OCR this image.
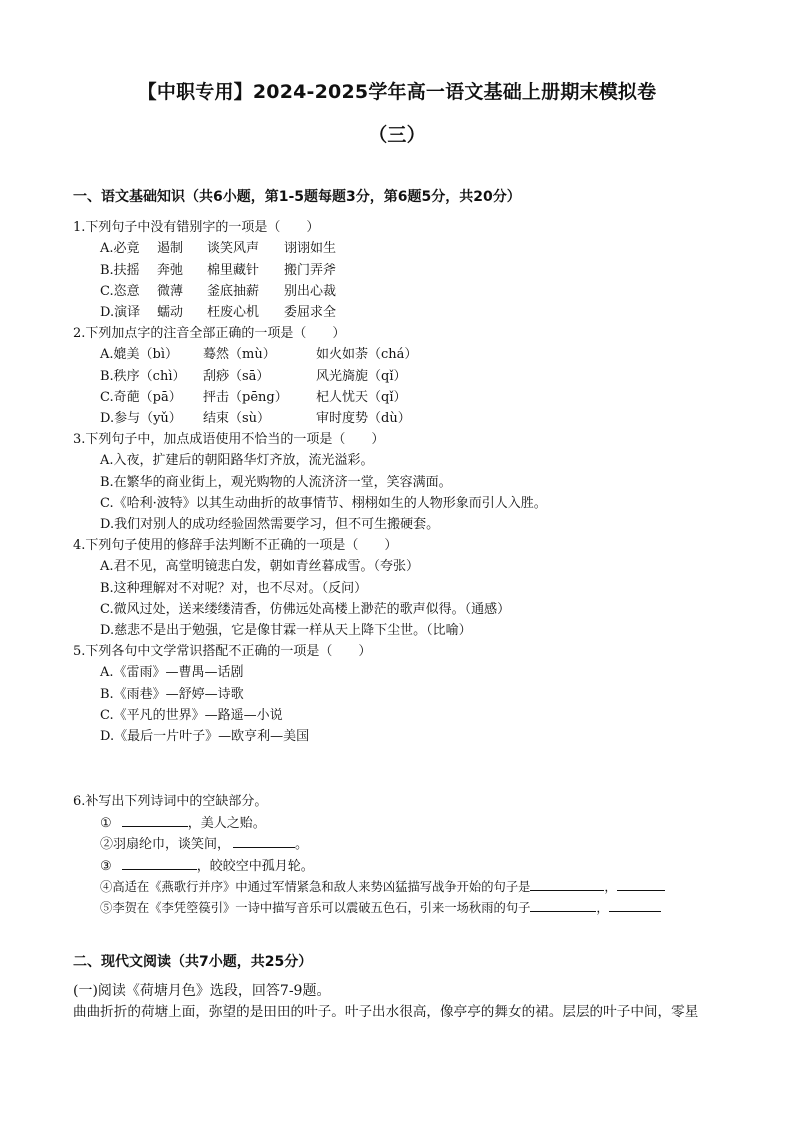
【中职专用】2024-2025学年高一语文基础上册期末模拟卷
（三）
一、语文基础知识（共6小题，第1-5题每题3分，第6题5分，共20分）
1.下列句子中没有错别字的一项是（　　）
A.必竟 遏制 谈笑风声 诩诩如生
B.扶摇 奔弛 棉里藏针 搬门弄斧
C.恣意 微薄 釜底抽薪 别出心裁
D.演译 蠕动 枉废心机 委屈求全
2.下列加点字的注音全部正确的一项是（　　）
A.媲美（bì） 蓦然（mù）	如火如荼（chá）
B.秩序（chì） 刮痧（sā）	风光旖旎（qǐ）
C.奇葩（pā） 抨击（pēng） 杞人忧天（qǐ）
D.参与（yǔ） 结束（sù）	审时度势（dù）
3.下列句子中，加点成语使用不恰当的一项是（　　）
A.入夜，扩建后的朝阳路华灯齐放，流光溢彩。
B.在繁华的商业街上，观光购物的人流济济一堂，笑容满面。
C.《哈利·波特》以其生动曲折的故事情节、栩栩如生的人物形象而引人入胜。
D.我们对别人的成功经验固然需要学习，但不可生搬硬套。
4.下列句子使用的修辞手法判断不正确的一项是（　　）
A.君不见，高堂明镜悲白发，朝如青丝暮成雪。（夸张）
B.这种理解对不对呢？对，也不尽对。（反问）
C.微风过处，送来缕缕清香，仿佛远处高楼上渺茫的歌声似得。（通感）
D.慈悲不是出于勉强，它是像甘霖一样从天上降下尘世。（比喻）
5.下列各句中文学常识搭配不正确的一项是（　　）
A.《雷雨》—曹禺—话剧
B.《雨巷》—舒婷—诗歌
C.《平凡的世界》—路遥—小说
D.《最后一片叶子》—欧亨利—美国
6.补写出下列诗词中的空缺部分。
①	，美人之贻。
②羽扇纶巾，谈笑间，	。
③	，皎皎空中孤月轮。
④高适在《燕歌行并序》中通过军情紧急和敌人来势凶猛描写战争开始的句子是	，
⑤李贺在《李凭箜篌引》一诗中描写音乐可以震破五色石，引来一场秋雨的句子	，
二、现代文阅读（共7小题，共25分）
(一)阅读《荷塘月色》选段，回答7-9题。
曲曲折折的荷塘上面，弥望的是田田的叶子。叶子出水很高，像亭亭的舞女的裙。层层的叶子中间，零星
